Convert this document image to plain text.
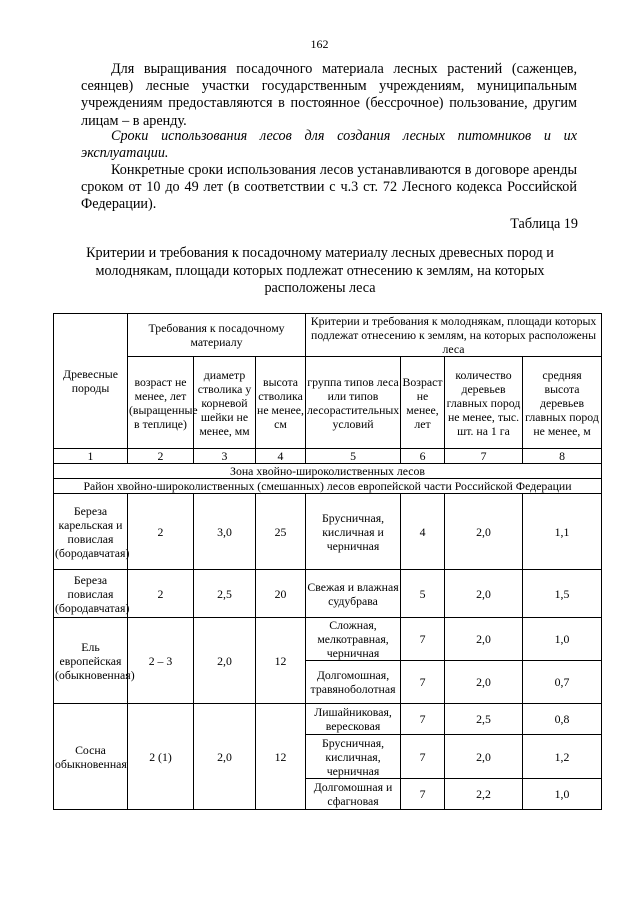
162
Для выращивания посадочного материала лесных растений (саженцев, сеянцев) лесные участки государственным учреждениям, муниципальным учреждениям предоставляются в постоянное (бессрочное) пользование, другим лицам – в аренду.
Сроки использования лесов для создания лесных питомников и их эксплуатации.
Конкретные сроки использования лесов устанавливаются в договоре аренды сроком от 10 до 49 лет (в соответствии с ч.3 ст. 72 Лесного кодекса Российской Федерации).
Таблица 19
Критерии и требования к посадочному материалу лесных древесных пород и молоднякам, площади которых подлежат отнесению к землям, на которых расположены леса
Древесные породы	Требования к посадочному материалу			Критерии и требования к молоднякам, площади которых подлежат отнесению к землям, на которых расположены леса			
	возраст не менее, лет (выращенные в теплице)	диаметр стволика у корневой шейки не менее, мм	высота стволика не менее, см	группа типов леса или типов лесорастительных условий	Возраст не менее, лет	количество деревьев главных пород не менее, тыс. шт. на 1 га	средняя высота деревьев главных пород не менее, м
1	2	3	4	5	6	7	8
Зона хвойно-широколиственных лесов							
Район хвойно-широколиственных (смешанных) лесов европейской части Российской Федерации							
Береза карельская и повислая (бородавчатая)	2	3,0	25	Брусничная, кисличная и черничная	4	2,0	1,1
Береза повислая (бородавчатая)	2	2,5	20	Свежая и влажная судубрава	5	2,0	1,5
Ель европейская (обыкновенная)	2 – 3	2,0	12	Сложная, мелкотравная, черничная	7	2,0	1,0
				Долгомошная, травяноболотная	7	2,0	0,7
Сосна обыкновенная	2 (1)	2,0	12	Лишайниковая, вересковая	7	2,5	0,8
				Брусничная, кисличная, черничная	7	2,0	1,2
				Долгомошная и сфагновая	7	2,2	1,0
